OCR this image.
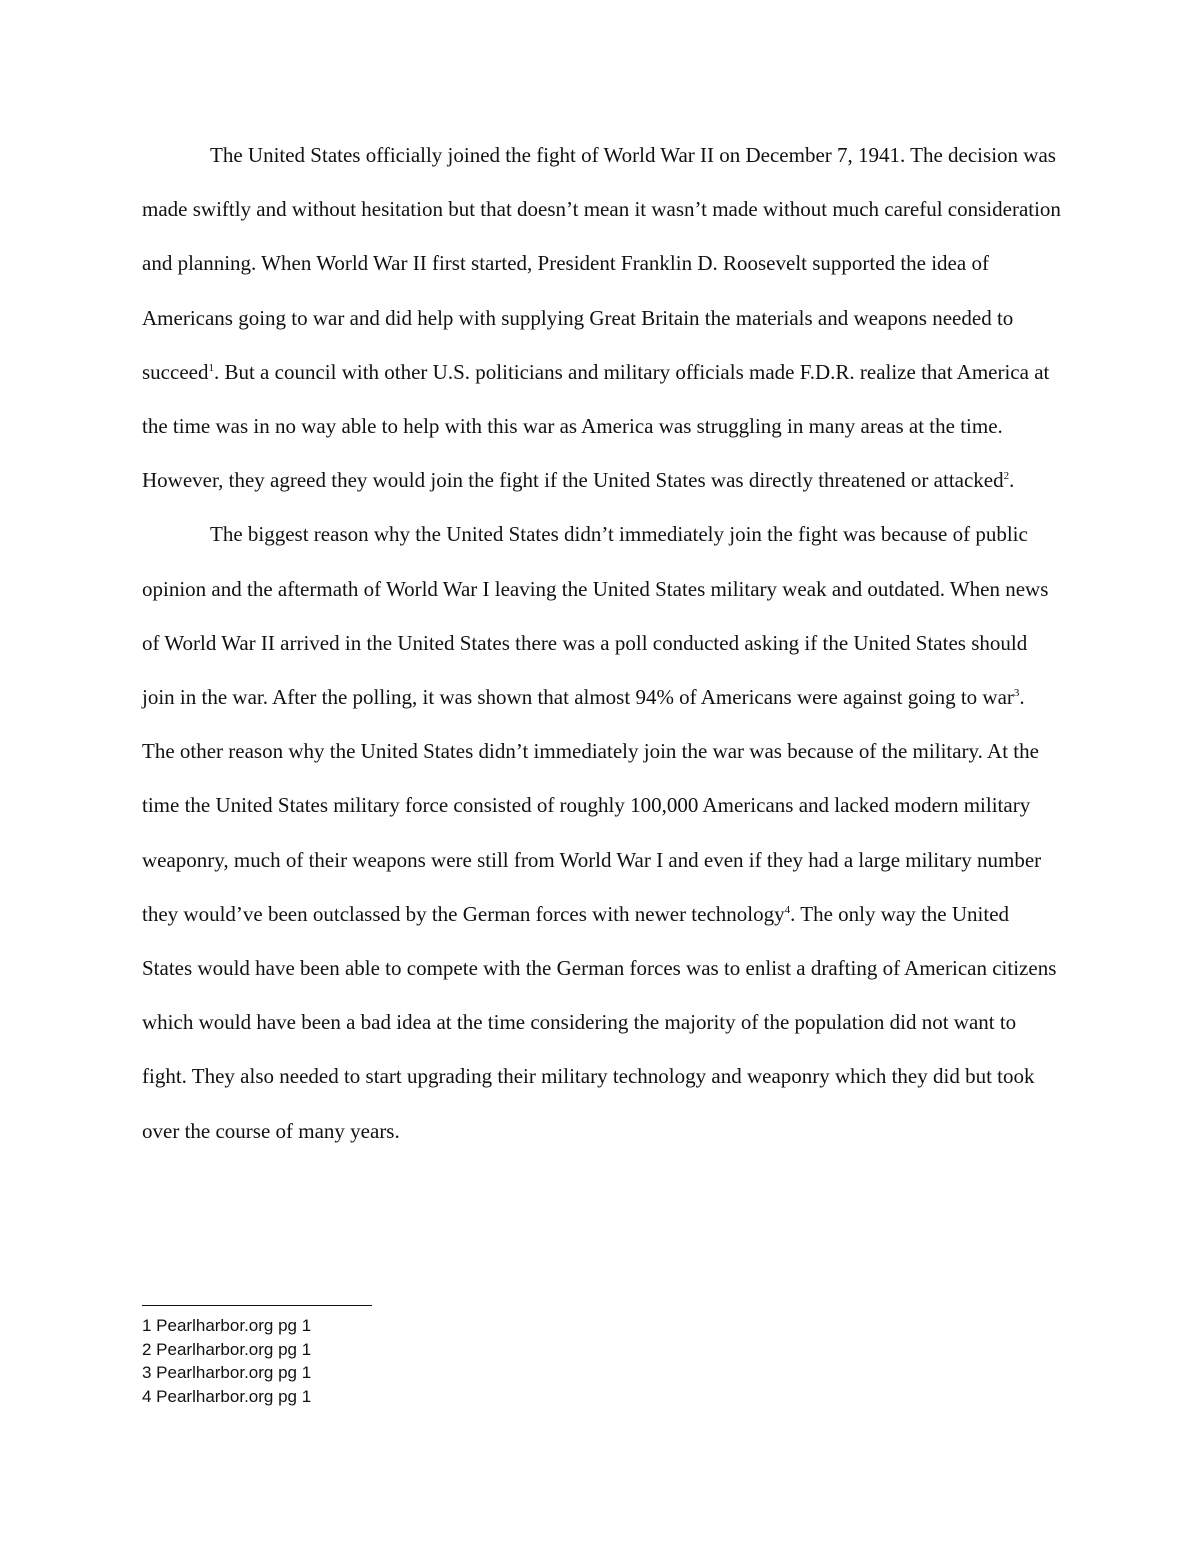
The United States officially joined the fight of World War II on December 7, 1941. The decision was made swiftly and without hesitation but that doesn’t mean it wasn’t made without much careful consideration and planning. When World War II first started, President Franklin D. Roosevelt supported the idea of Americans going to war and did help with supplying Great Britain the materials and weapons needed to succeed$^1$. But a council with other U.S. politicians and military officials made F.D.R. realize that America at the time was in no way able to help with this war as America was struggling in many areas at the time. However, they agreed they would join the fight if the United States was directly threatened or attacked$^2$.

The biggest reason why the United States didn’t immediately join the fight was because of public opinion and the aftermath of World War I leaving the United States military weak and outdated. When news of World War II arrived in the United States there was a poll conducted asking if the United States should join in the war. After the polling, it was shown that almost 94% of Americans were against going to war$^3$. The other reason why the United States didn’t immediately join the war was because of the military. At the time the United States military force consisted of roughly 100,000 Americans and lacked modern military weaponry, much of their weapons were still from World War I and even if they had a large military number they would’ve been outclassed by the German forces with newer technology$^4$. The only way the United States would have been able to compete with the German forces was to enlist a drafting of American citizens which would have been a bad idea at the time considering the majority of the population did not want to fight. They also needed to start upgrading their military technology and weaponry which they did but took over the course of many years.

1 Pearlharbor.org pg 1

2 Pearlharbor.org pg 1

3 Pearlharbor.org pg 1

4 Pearlharbor.org pg 1
